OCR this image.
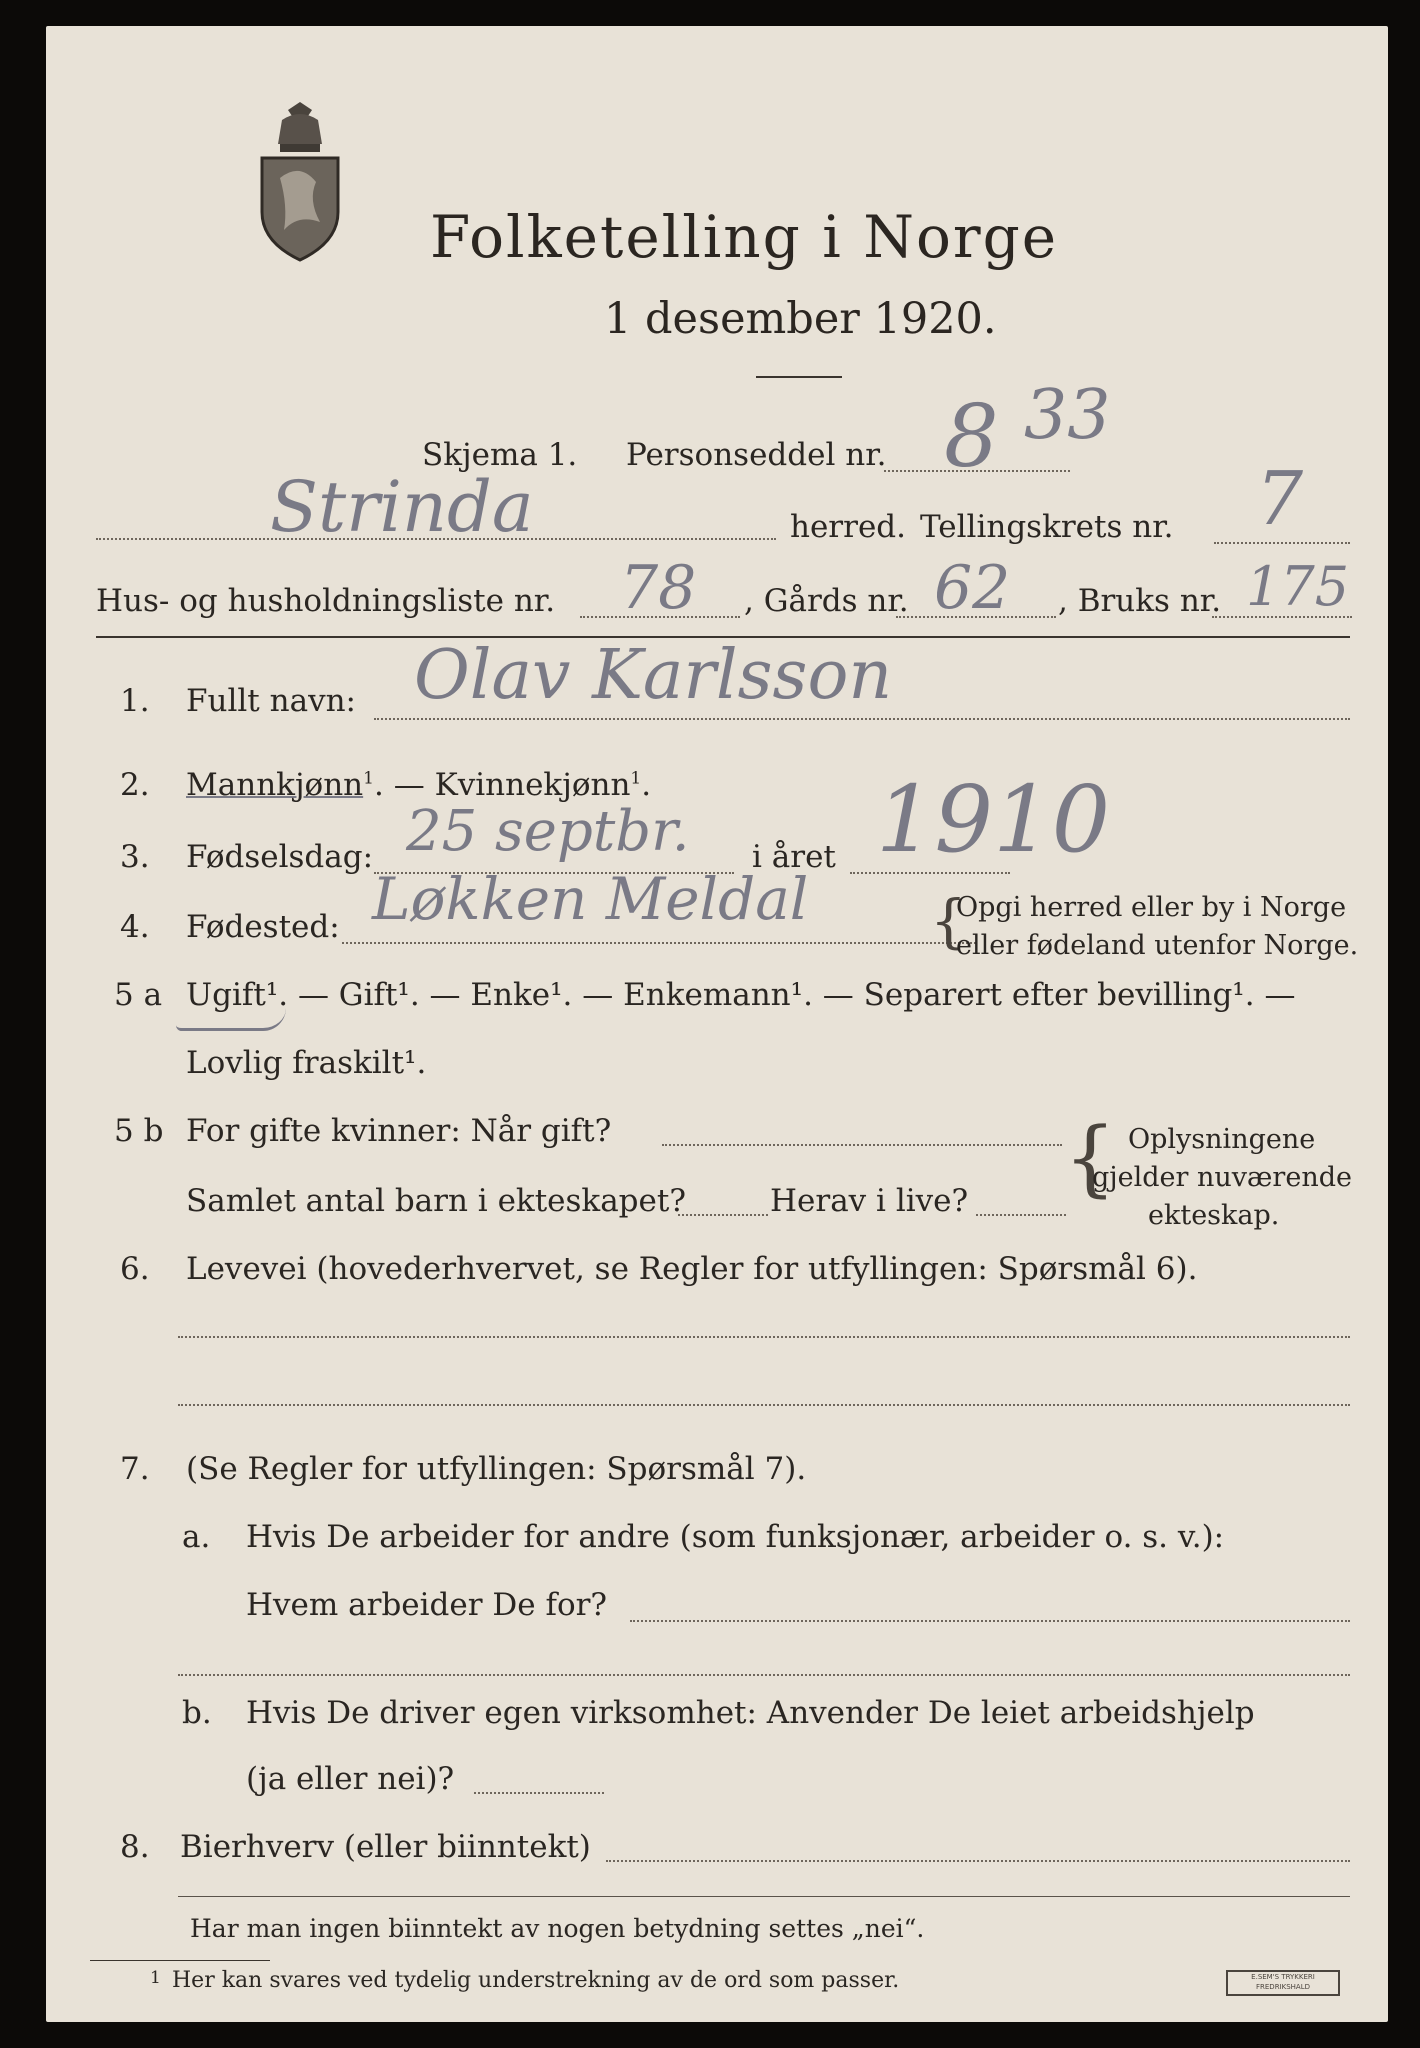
Folketelling i Norge
1 desember 1920.
Skjema 1. Personseddel nr. 8 33
Strinda	herred. Tellingskrets nr. 7
Hus- og husholdningsliste nr. 78 , Gårds nr. 62 , Bruks nr. 175
1. Fullt navn: Olav Karlsson
2. Mannkjønn$^1$. — Kvinnekjønn$^1$.
3. Fødselsdag: 25 septbr. i året 1910
4. Fødested: Løkken Meldal {
Opgi herred eller by i Norge
eller fødeland utenfor Norge.
5 a Ugift¹. — Gift¹. — Enke¹. — Enkemann¹. — Separert efter bevilling¹. —
Lovlig fraskilt¹.
5 b For gifte kvinner: Når gift?
Samlet antal barn i ekteskapet?	Herav i live? { Oplysningene
gjelder nuværende
ekteskap.
6. Levevei (hovederhvervet, se Regler for utfyllingen: Spørsmål 6).
7. (Se Regler for utfyllingen: Spørsmål 7).
a. Hvis De arbeider for andre (som funksjonær, arbeider o. s. v.):
Hvem arbeider De for?
b. Hvis De driver egen virksomhet: Anvender De leiet arbeidshjelp
(ja eller nei)?
8. Bierhverv (eller biinntekt)
Har man ingen biinntekt av nogen betydning settes „nei“.
1 Her kan svares ved tydelig understrekning av de ord som passer.	E.SEM'S TRYKKERI FREDRIKSHALD
